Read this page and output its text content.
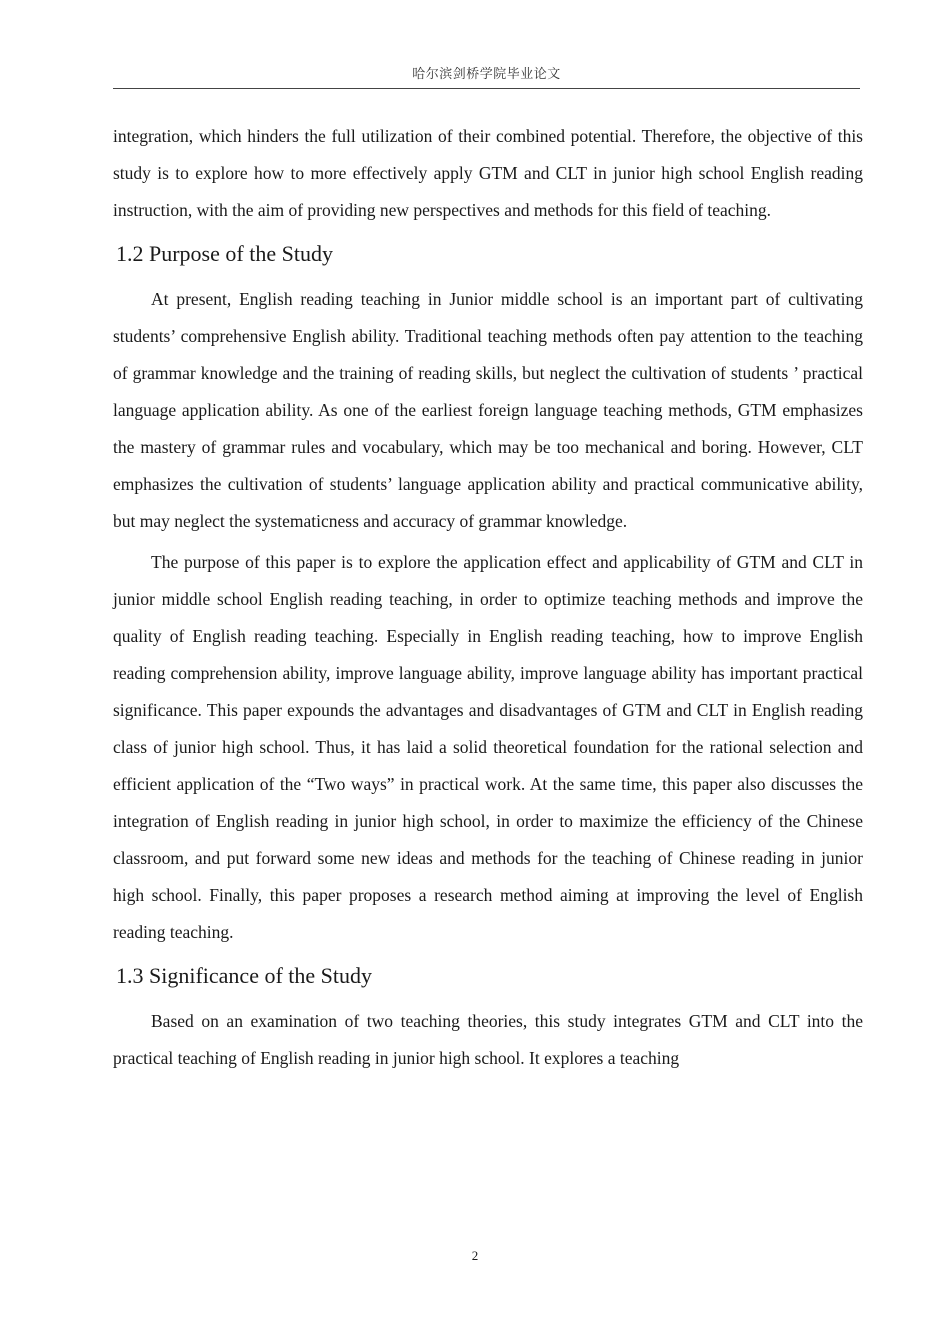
哈尔滨剑桥学院毕业论文

integration, which hinders the full utilization of their combined potential. Therefore, the objective of this study is to explore how to more effectively apply GTM and CLT in junior high school English reading instruction, with the aim of providing new perspectives and methods for this field of teaching.

1.2 Purpose of the Study

At present, English reading teaching in Junior middle school is an important part of cultivating students’ comprehensive English ability. Traditional teaching methods often pay attention to the teaching of grammar knowledge and the training of reading skills, but neglect the cultivation of students ’ practical language application ability. As one of the earliest foreign language teaching methods, GTM emphasizes the mastery of grammar rules and vocabulary, which may be too mechanical and boring. However, CLT emphasizes the cultivation of students’ language application ability and practical communicative ability, but may neglect the systematicness and accuracy of grammar knowledge.

The purpose of this paper is to explore the application effect and applicability of GTM and CLT in junior middle school English reading teaching, in order to optimize teaching methods and improve the quality of English reading teaching. Especially in English reading teaching, how to improve English reading comprehension ability, improve language ability, improve language ability has important practical significance. This paper expounds the advantages and disadvantages of GTM and CLT in English reading class of junior high school. Thus, it has laid a solid theoretical foundation for the rational selection and efficient application of the “Two ways” in practical work. At the same time, this paper also discusses the integration of English reading in junior high school, in order to maximize the efficiency of the Chinese classroom, and put forward some new ideas and methods for the teaching of Chinese reading in junior high school. Finally, this paper proposes a research method aiming at improving the level of English reading teaching.

1.3 Significance of the Study

Based on an examination of two teaching theories, this study integrates GTM and CLT into the practical teaching of English reading in junior high school. It explores a teaching

2
